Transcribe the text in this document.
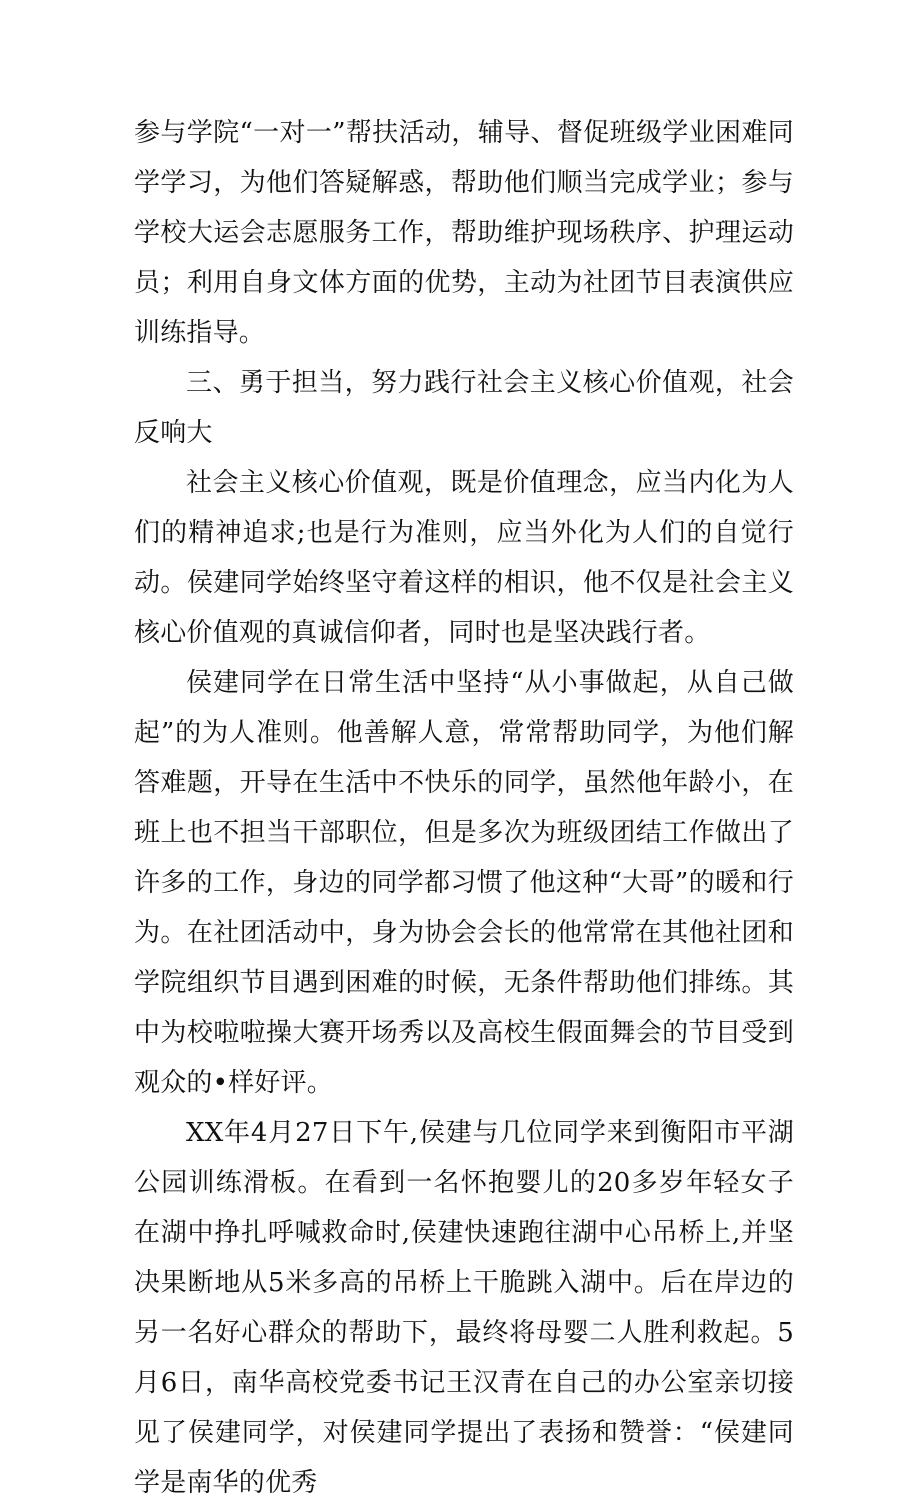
参与学院“一对一”帮扶活动，辅导、督促班级学业困难同学学习，为他们答疑解惑，帮助他们顺当完成学业；参与学校大运会志愿服务工作，帮助维护现场秩序、护理运动员；利用自身文体方面的优势，主动为社团节目表演供应训练指导。

三、勇于担当，努力践行社会主义核心价值观，社会反响大

社会主义核心价值观，既是价值理念，应当内化为人们的精神追求;也是行为准则，应当外化为人们的自觉行动。侯建同学始终坚守着这样的相识，他不仅是社会主义核心价值观的真诚信仰者，同时也是坚决践行者。

侯建同学在日常生活中坚持“从小事做起，从自己做起”的为人准则。他善解人意，常常帮助同学，为他们解答难题，开导在生活中不快乐的同学，虽然他年龄小，在班上也不担当干部职位，但是多次为班级团结工作做出了许多的工作，身边的同学都习惯了他这种“大哥”的暖和行为。在社团活动中，身为协会会长的他常常在其他社团和学院组织节目遇到困难的时候，无条件帮助他们排练。其中为校啦啦操大赛开场秀以及高校生假面舞会的节目受到观众的•样好评。

XX年4月27日下午,侯建与几位同学来到衡阳市平湖公园训练滑板。在看到一名怀抱婴儿的20多岁年轻女子在湖中挣扎呼喊救命时,侯建快速跑往湖中心吊桥上,并坚决果断地从5米多高的吊桥上干脆跳入湖中。后在岸边的另一名好心群众的帮助下，最终将母婴二人胜利救起。5月6日，南华高校党委书记王汉青在自己的办公室亲切接见了侯建同学，对侯建同学提出了表扬和赞誉：“侯建同学是南华的优秀
